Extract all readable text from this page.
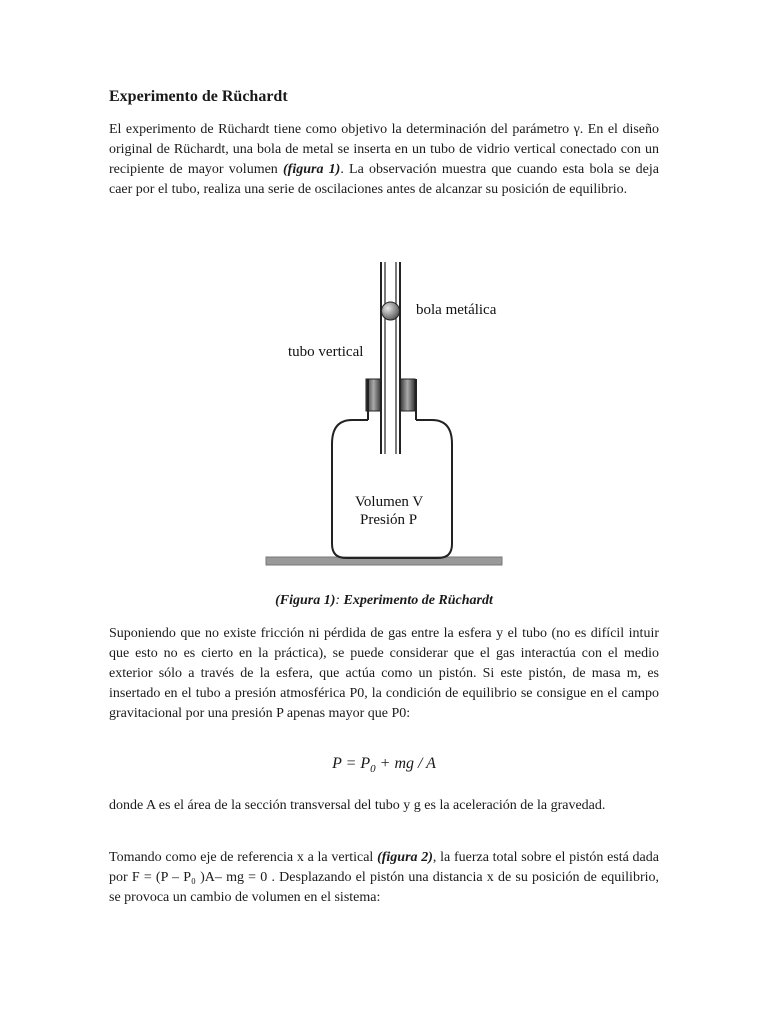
Experimento de Rüchardt

El experimento de Rüchardt tiene como objetivo la determinación del parámetro γ. En el diseño original de Rüchardt, una bola de metal se inserta en un tubo de vidrio vertical conectado con un recipiente de mayor volumen (figura 1). La observación muestra que cuando esta bola se deja caer por el tubo, realiza una serie de oscilaciones antes de alcanzar su posición de equilibrio.

bola metálica
tubo vertical
Volumen V
Presión P

(Figura 1): Experimento de Rüchardt

Suponiendo que no existe fricción ni pérdida de gas entre la esfera y el tubo (no es difícil intuir que esto no es cierto en la práctica), se puede considerar que el gas interactúa con el medio exterior sólo a través de la esfera, que actúa como un pistón. Si este pistón, de masa m, es insertado en el tubo a presión atmosférica P0, la condición de equilibrio se consigue en el campo gravitacional por una presión P apenas mayor que P0:

$P = P_0$ + mg / A

donde A es el área de la sección transversal del tubo y g es la aceleración de la gravedad.

Tomando como eje de referencia x a la vertical (figura 2), la fuerza total sobre el pistón está dada por F = (P – P₀ )A– mg = 0 . Desplazando el pistón una distancia x de su posición de equilibrio, se provoca un cambio de volumen en el sistema:
